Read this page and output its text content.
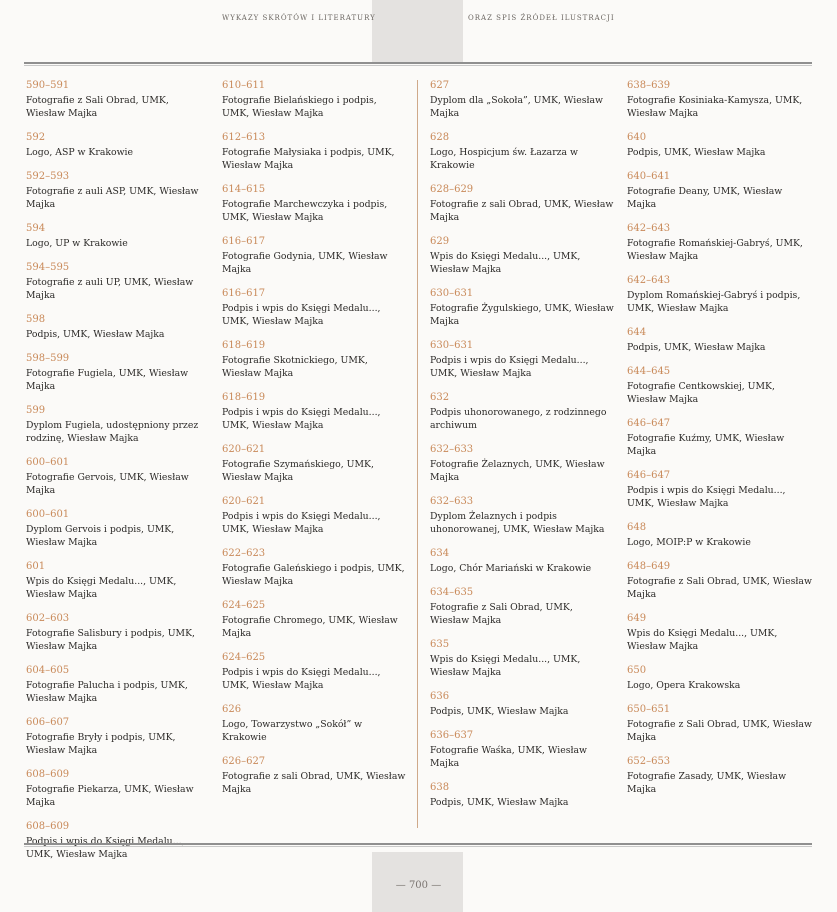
WYKAZY SKRÓTÓW I LITERATURY	ORAZ SPIS ŹRÓDEŁ ILUSTRACJI
590–591
Fotografie z Sali Obrad, UMK, Wiesław Majka
592
Logo, ASP w Krakowie
592–593
Fotografie z auli ASP, UMK, Wiesław Majka
594
Logo, UP w Krakowie
594–595
Fotografie z auli UP, UMK, Wiesław Majka
598
Podpis, UMK, Wiesław Majka
598–599
Fotografie Fugiela, UMK, Wiesław Majka
599
Dyplom Fugiela, udostępniony przez rodzinę, Wiesław Majka
600–601
Fotografie Gervois, UMK, Wiesław Majka
600–601
Dyplom Gervois i podpis, UMK, Wiesław Majka
601
Wpis do Księgi Medalu..., UMK, Wiesław Majka
602–603
Fotografie Salisbury i podpis, UMK, Wiesław Majka
604–605
Fotografie Palucha i podpis, UMK, Wiesław Majka
606–607
Fotografie Bryły i podpis, UMK, Wiesław Majka
608–609
Fotografie Piekarza, UMK, Wiesław Majka
608–609
Podpis i wpis do Księgi Medalu..., UMK, Wiesław Majka
610–611
Fotografie Bielańskiego i podpis, UMK, Wiesław Majka
612–613
Fotografie Małysiaka i podpis, UMK, Wiesław Majka
614–615
Fotografie Marchewczyka i podpis, UMK, Wiesław Majka
616–617
Fotografie Godynia, UMK, Wiesław Majka
616–617
Podpis i wpis do Księgi Medalu..., UMK, Wiesław Majka
618–619
Fotografie Skotnickiego, UMK, Wiesław Majka
618–619
Podpis i wpis do Księgi Medalu..., UMK, Wiesław Majka
620–621
Fotografie Szymańskiego, UMK, Wiesław Majka
620–621
Podpis i wpis do Księgi Medalu..., UMK, Wiesław Majka
622–623
Fotografie Galeńskiego i podpis, UMK, Wiesław Majka
624–625
Fotografie Chromego, UMK, Wiesław Majka
624–625
Podpis i wpis do Księgi Medalu..., UMK, Wiesław Majka
626
Logo, Towarzystwo „Sokół” w Krakowie
626–627
Fotografie z sali Obrad, UMK, Wiesław Majka
627
Dyplom dla „Sokoła”, UMK, Wiesław Majka
628
Logo, Hospicjum św. Łazarza w Krakowie
628–629
Fotografie z sali Obrad, UMK, Wiesław Majka
629
Wpis do Księgi Medalu..., UMK, Wiesław Majka
630–631
Fotografie Żygulskiego, UMK, Wiesław Majka
630–631
Podpis i wpis do Księgi Medalu..., UMK, Wiesław Majka
632
Podpis uhonorowanego, z rodzinnego archiwum
632–633
Fotografie Żelaznych, UMK, Wiesław Majka
632–633
Dyplom Żelaznych i podpis uhonorowanej, UMK, Wiesław Majka
634
Logo, Chór Mariański w Krakowie
634–635
Fotografie z Sali Obrad, UMK, Wiesław Majka
635
Wpis do Księgi Medalu..., UMK, Wiesław Majka
636
Podpis, UMK, Wiesław Majka
636–637
Fotografie Waśka, UMK, Wiesław Majka
638
Podpis, UMK, Wiesław Majka
638–639
Fotografie Kosiniaka-Kamysza, UMK, Wiesław Majka
640
Podpis, UMK, Wiesław Majka
640–641
Fotografie Deany, UMK, Wiesław Majka
642–643
Fotografie Romańskiej-Gabryś, UMK, Wiesław Majka
642–643
Dyplom Romańskiej-Gabryś i podpis, UMK, Wiesław Majka
644
Podpis, UMK, Wiesław Majka
644–645
Fotografie Centkowskiej, UMK, Wiesław Majka
646–647
Fotografie Kuźmy, UMK, Wiesław Majka
646–647
Podpis i wpis do Księgi Medalu..., UMK, Wiesław Majka
648
Logo, MOIP:P w Krakowie
648–649
Fotografie z Sali Obrad, UMK, Wiesław Majka
649
Wpis do Księgi Medalu..., UMK, Wiesław Majka
650
Logo, Opera Krakowska
650–651
Fotografie z Sali Obrad, UMK, Wiesław Majka
652–653
Fotografie Zasady, UMK, Wiesław Majka
— 700 —
